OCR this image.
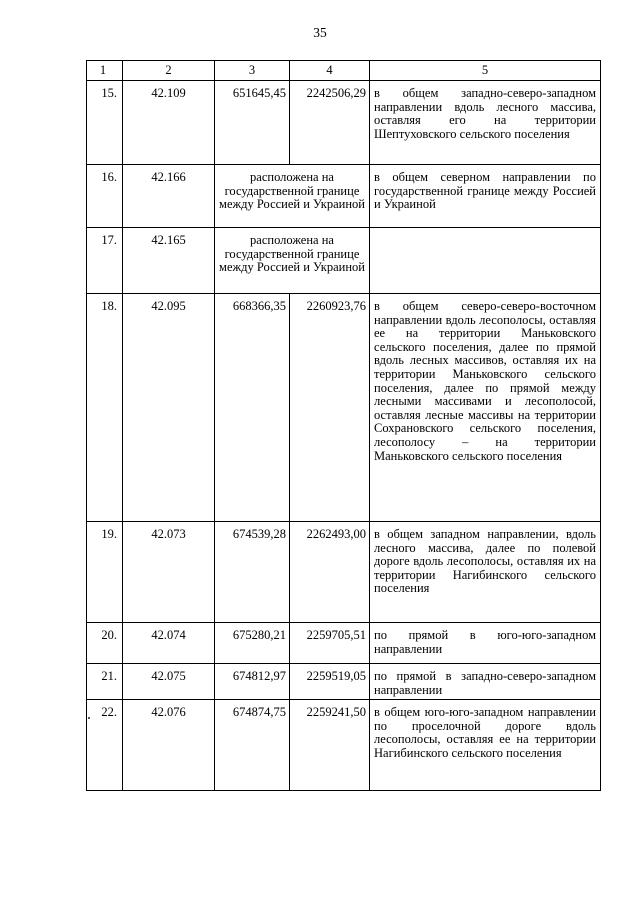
35
1	2	3	4	5
15.	42.109	651645,45	2242506,29	в общем западно-северо-западном направлении вдоль лесного массива, оставляя его на территории Шептуховского сельского поселения
16.	42.166	расположена на государственной границе между Россией и Украиной		в общем северном направлении по государственной границе между Россией и Украиной
17.	42.165	расположена на государственной границе между Россией и Украиной		
18.	42.095	668366,35	2260923,76	в общем северо-северо-восточном направлении вдоль лесополосы, оставляя ее на территории Маньковского сельского поселения, далее по прямой вдоль лесных массивов, оставляя их на территории Маньковского сельского поселения, далее по прямой между лесными массивами и лесополосой, оставляя лесные массивы на территории Сохрановского сельского поселения, лесополосу – на территории Маньковского сельского поселения
19.	42.073	674539,28	2262493,00	в общем западном направлении, вдоль лесного массива, далее по полевой дороге вдоль лесополосы, оставляя их на территории Нагибинского сельского поселения
20.	42.074	675280,21	2259705,51	по прямой в юго-юго-западном направлении
21.	42.075	674812,97	2259519,05	по прямой в западно-северо-западном направлении
22.	42.076	674874,75	2259241,50	в общем юго-юго-западном направлении по проселочной дороге вдоль лесополосы, оставляя ее на территории Нагибинского сельского поселения
